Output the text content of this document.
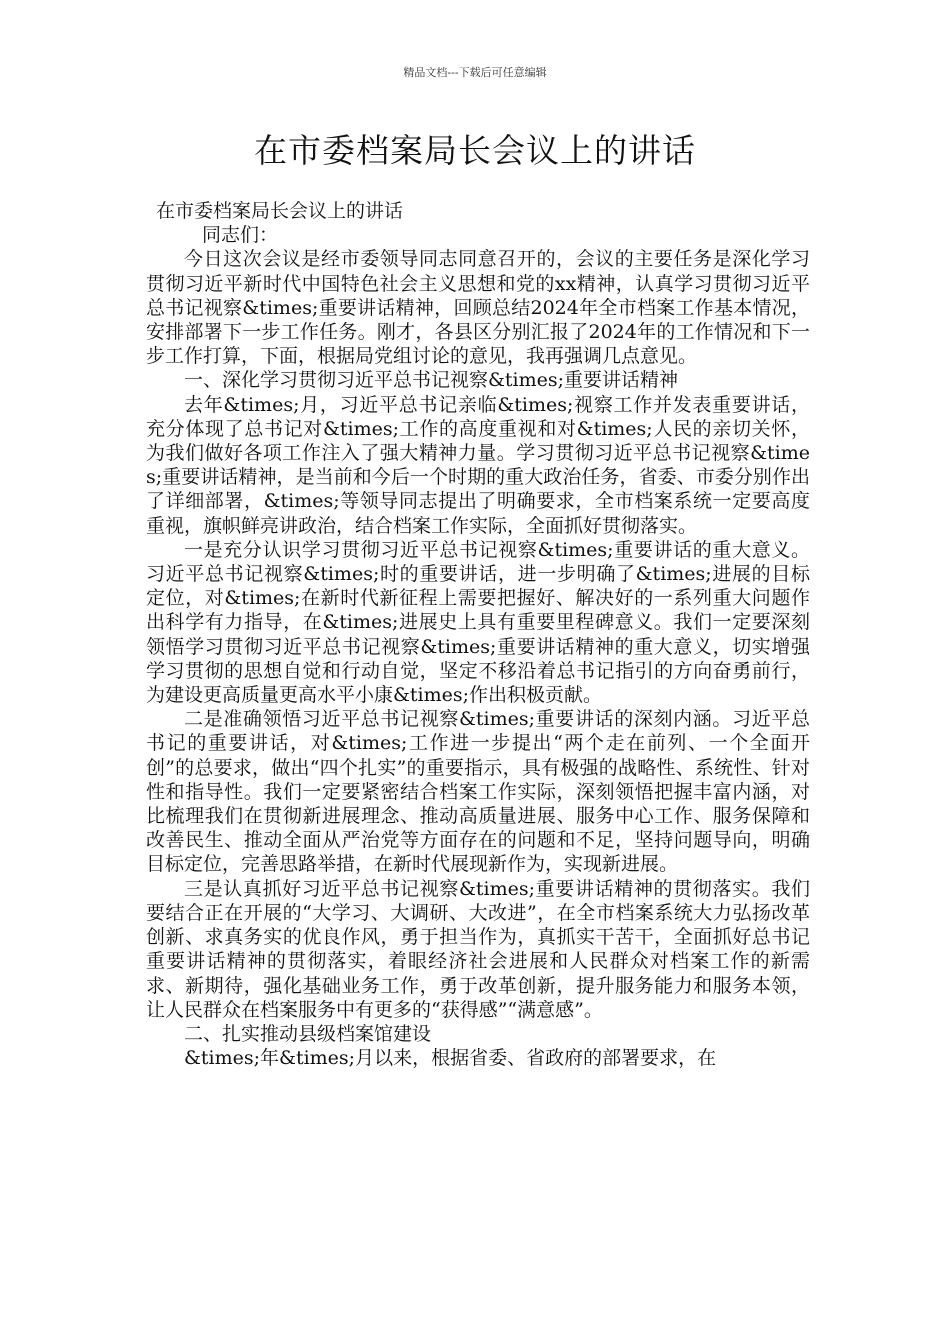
精品文档---下载后可任意编辑
在市委档案局长会议上的讲话

在市委档案局长会议上的讲话

同志们：

今日这次会议是经市委领导同志同意召开的，会议的主要任务是深化学习贯彻习近平新时代中国特色社会主义思想和党的xx精神，认真学习贯彻习近平总书记视察&times;重要讲话精神，回顾总结2024年全市档案工作基本情况，安排部署下一步工作任务。刚才，各县区分别汇报了2024年的工作情况和下一步工作打算，下面，根据局党组讨论的意见，我再强调几点意见。

一、深化学习贯彻习近平总书记视察&times;重要讲话精神

去年&times;月，习近平总书记亲临&times;视察工作并发表重要讲话，充分体现了总书记对&times;工作的高度重视和对&times;人民的亲切关怀，为我们做好各项工作注入了强大精神力量。学习贯彻习近平总书记视察&times;重要讲话精神，是当前和今后一个时期的重大政治任务，省委、市委分别作出了详细部署，&times;等领导同志提出了明确要求，全市档案系统一定要高度重视，旗帜鲜亮讲政治，结合档案工作实际，全面抓好贯彻落实。

一是充分认识学习贯彻习近平总书记视察&times;重要讲话的重大意义。习近平总书记视察&times;时的重要讲话，进一步明确了&times;进展的目标定位，对&times;在新时代新征程上需要把握好、解决好的一系列重大问题作出科学有力指导，在&times;进展史上具有重要里程碑意义。我们一定要深刻领悟学习贯彻习近平总书记视察&times;重要讲话精神的重大意义，切实增强学习贯彻的思想自觉和行动自觉，坚定不移沿着总书记指引的方向奋勇前行，为建设更高质量更高水平小康&times;作出积极贡献。

二是准确领悟习近平总书记视察&times;重要讲话的深刻内涵。习近平总书记的重要讲话，对&times;工作进一步提出“两个走在前列、一个全面开创”的总要求，做出“四个扎实”的重要指示，具有极强的战略性、系统性、针对性和指导性。我们一定要紧密结合档案工作实际，深刻领悟把握丰富内涵，对比梳理我们在贯彻新进展理念、推动高质量进展、服务中心工作、服务保障和改善民生、推动全面从严治党等方面存在的问题和不足，坚持问题导向，明确目标定位，完善思路举措，在新时代展现新作为，实现新进展。

三是认真抓好习近平总书记视察&times;重要讲话精神的贯彻落实。我们要结合正在开展的“大学习、大调研、大改进”，在全市档案系统大力弘扬改革创新、求真务实的优良作风，勇于担当作为，真抓实干苦干，全面抓好总书记重要讲话精神的贯彻落实，着眼经济社会进展和人民群众对档案工作的新需求、新期待，强化基础业务工作，勇于改革创新，提升服务能力和服务本领，让人民群众在档案服务中有更多的“获得感”“满意感”。

二、扎实推动县级档案馆建设

&times;年&times;月以来，根据省委、省政府的部署要求，在
